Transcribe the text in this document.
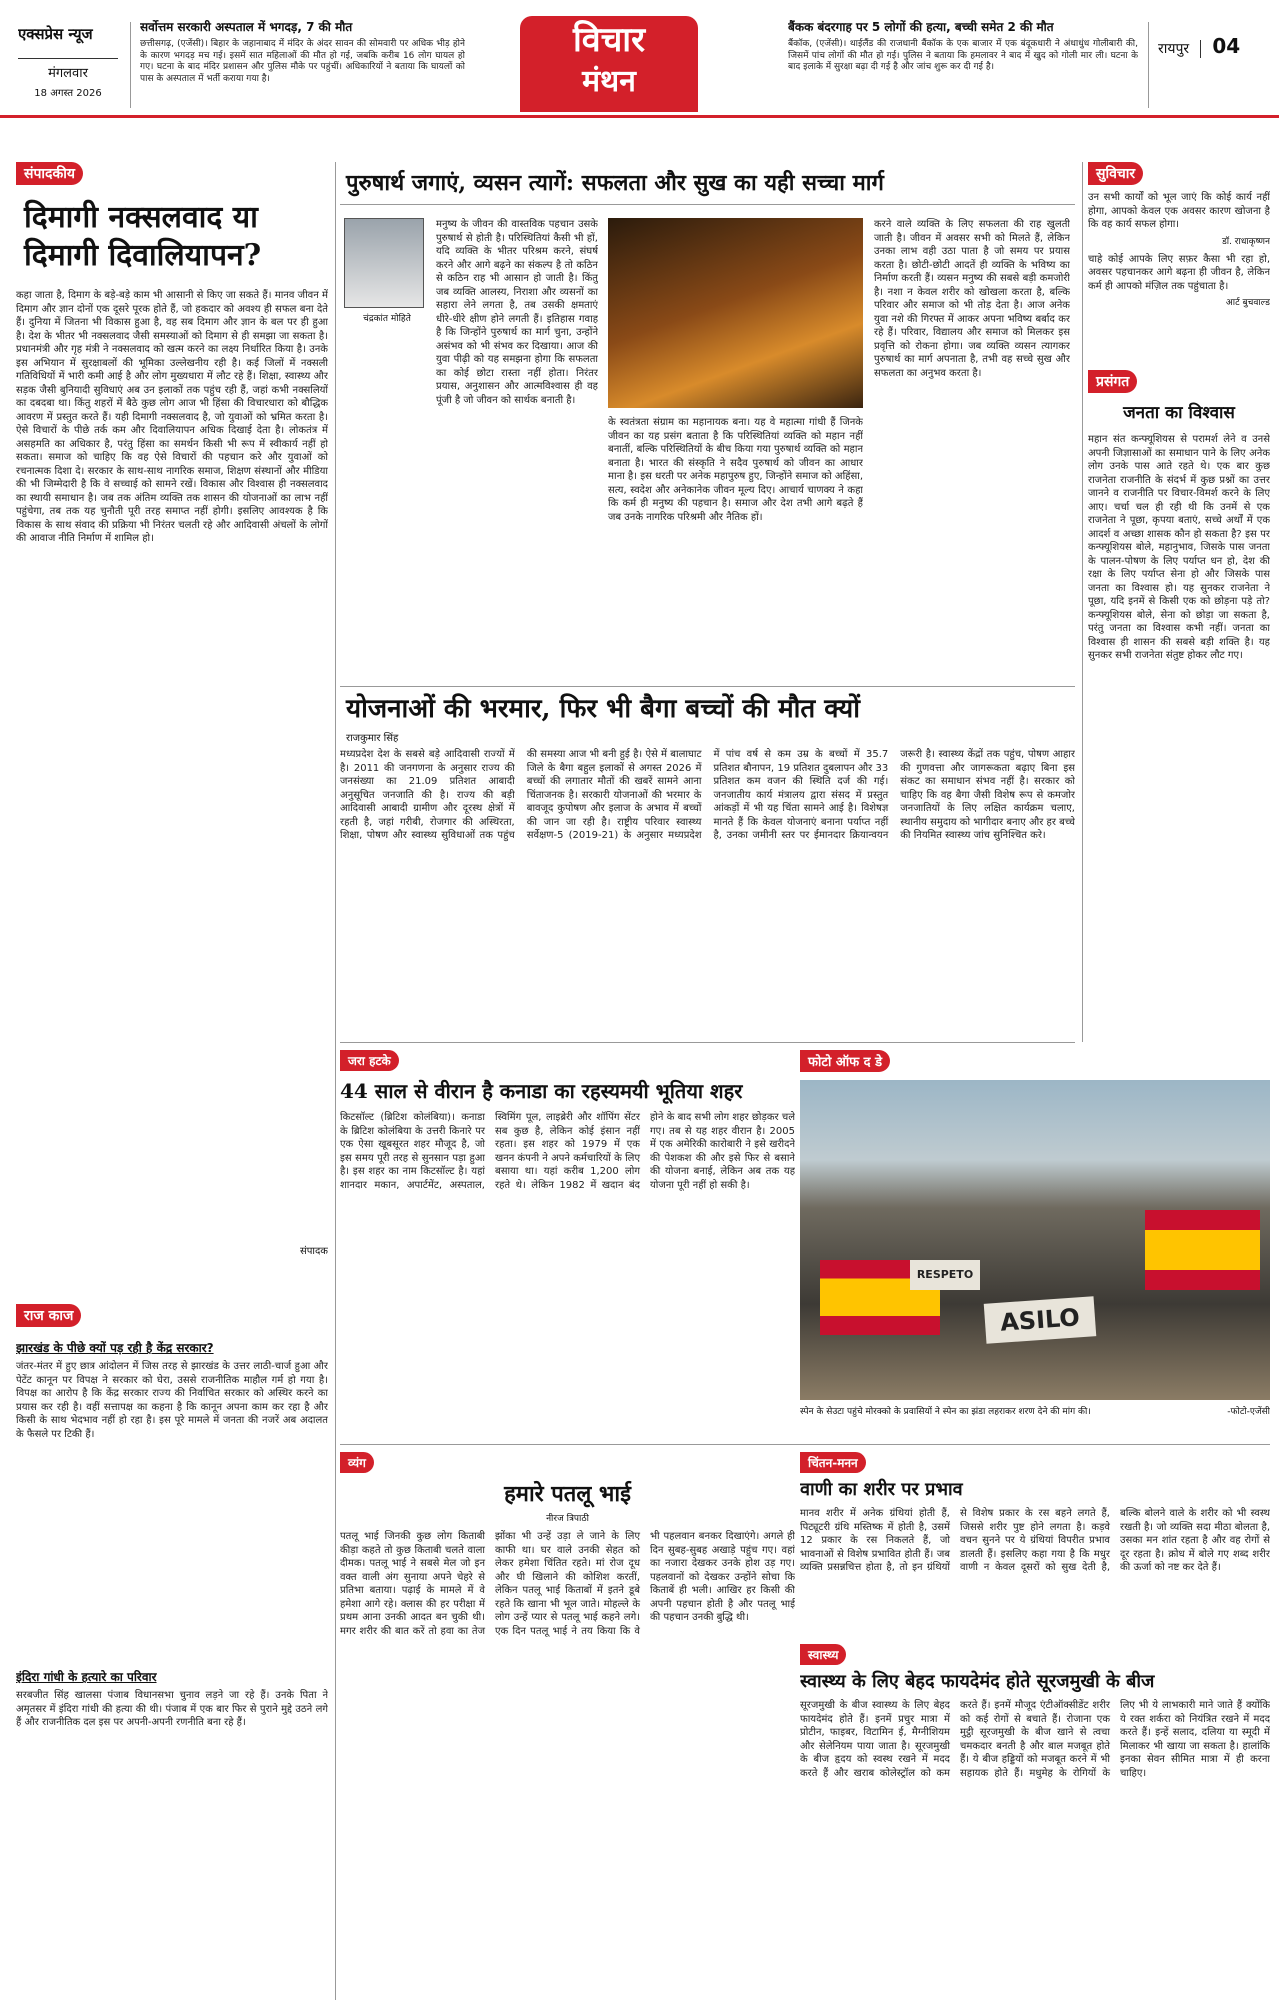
एक्सप्रेस न्यूज
मंगलवार
18 अगस्त 2026
सर्वोत्तम सरकारी अस्पताल में भगदड़, 7 की मौत
छत्तीसगढ़, (एजेंसी)। बिहार के जहानाबाद में मंदिर के अंदर सावन की सोमवारी पर अधिक भीड़ होने के कारण भगदड़ मच गई। इसमें सात महिलाओं की मौत हो गई, जबकि करीब 16 लोग घायल हो गए। घटना के बाद मंदिर प्रशासन और पुलिस मौके पर पहुंचीं। अधिकारियों ने बताया कि घायलों को पास के अस्पताल में भर्ती कराया गया है।
विचार
मंथन
बैंकक बंदरगाह पर 5 लोगों की हत्या, बच्ची समेत 2 की मौत
बैंकॉक, (एजेंसी)। थाईलैंड की राजधानी बैंकॉक के एक बाजार में एक बंदूकधारी ने अंधाधुंध गोलीबारी की, जिसमें पांच लोगों की मौत हो गई। पुलिस ने बताया कि हमलावर ने बाद में खुद को गोली मार ली। घटना के बाद इलाके में सुरक्षा बढ़ा दी गई है और जांच शुरू कर दी गई है।
रायपुर 04
संपादकीय
दिमागी नक्सलवाद या दिमागी दिवालियापन?
कहा जाता है, दिमाग के बड़े-बड़े काम भी आसानी से किए जा सकते हैं। मानव जीवन में दिमाग और ज्ञान दोनों एक दूसरे पूरक होते हैं, जो हकदार को अवश्य ही सफल बना देते हैं। दुनिया में जितना भी विकास हुआ है, वह सब दिमाग और ज्ञान के बल पर ही हुआ है। देश के भीतर भी नक्सलवाद जैसी समस्याओं को दिमाग से ही समझा जा सकता है। प्रधानमंत्री और गृह मंत्री ने नक्सलवाद को खत्म करने का लक्ष्य निर्धारित किया है। उनके इस अभियान में सुरक्षाबलों की भूमिका उल्लेखनीय रही है। कई जिलों में नक्सली गतिविधियों में भारी कमी आई है और लोग मुख्यधारा में लौट रहे हैं। शिक्षा, स्वास्थ्य और सड़क जैसी बुनियादी सुविधाएं अब उन इलाकों तक पहुंच रही हैं, जहां कभी नक्सलियों का दबदबा था। किंतु शहरों में बैठे कुछ लोग आज भी हिंसा की विचारधारा को बौद्धिक आवरण में प्रस्तुत करते हैं। यही दिमागी नक्सलवाद है, जो युवाओं को भ्रमित करता है। ऐसे विचारों के पीछे तर्क कम और दिवालियापन अधिक दिखाई देता है। लोकतंत्र में असहमति का अधिकार है, परंतु हिंसा का समर्थन किसी भी रूप में स्वीकार्य नहीं हो सकता। समाज को चाहिए कि वह ऐसे विचारों की पहचान करे और युवाओं को रचनात्मक दिशा दे। सरकार के साथ-साथ नागरिक समाज, शिक्षण संस्थानों और मीडिया की भी जिम्मेदारी है कि वे सच्चाई को सामने रखें। विकास और विश्वास ही नक्सलवाद का स्थायी समाधान है। जब तक अंतिम व्यक्ति तक शासन की योजनाओं का लाभ नहीं पहुंचेगा, तब तक यह चुनौती पूरी तरह समाप्त नहीं होगी। इसलिए आवश्यक है कि विकास के साथ संवाद की प्रक्रिया भी निरंतर चलती रहे और आदिवासी अंचलों के लोगों की आवाज नीति निर्माण में शामिल हो।
संपादक
राज काज
झारखंड के पीछे क्यों पड़ रही है केंद्र सरकार?
जंतर-मंतर में हुए छात्र आंदोलन में जिस तरह से झारखंड के उत्तर लाठी-चार्ज हुआ और पेटेंट कानून पर विपक्ष ने सरकार को घेरा, उससे राजनीतिक माहौल गर्म हो गया है। विपक्ष का आरोप है कि केंद्र सरकार राज्य की निर्वाचित सरकार को अस्थिर करने का प्रयास कर रही है। वहीं सत्तापक्ष का कहना है कि कानून अपना काम कर रहा है और किसी के साथ भेदभाव नहीं हो रहा है। इस पूरे मामले में जनता की नजरें अब अदालत के फैसले पर टिकी हैं।
इंदिरा गांधी के हत्यारे का परिवार
सरबजीत सिंह खालसा पंजाब विधानसभा चुनाव लड़ने जा रहे हैं। उनके पिता ने अमृतसर में इंदिरा गांधी की हत्या की थी। पंजाब में एक बार फिर से पुराने मुद्दे उठने लगे हैं और राजनीतिक दल इस पर अपनी-अपनी रणनीति बना रहे हैं।
पुरुषार्थ जगाएं, व्यसन त्यागें: सफलता और सुख का यही सच्चा मार्ग
चंद्रकांत मोहिते
मनुष्य के जीवन की वास्तविक पहचान उसके पुरुषार्थ से होती है। परिस्थितियां कैसी भी हों, यदि व्यक्ति के भीतर परिश्रम करने, संघर्ष करने और आगे बढ़ने का संकल्प है तो कठिन से कठिन राह भी आसान हो जाती है। किंतु जब व्यक्ति आलस्य, निराशा और व्यसनों का सहारा लेने लगता है, तब उसकी क्षमताएं धीरे-धीरे क्षीण होने लगती हैं। इतिहास गवाह है कि जिन्होंने पुरुषार्थ का मार्ग चुना, उन्होंने असंभव को भी संभव कर दिखाया। आज की युवा पीढ़ी को यह समझना होगा कि सफलता का कोई छोटा रास्ता नहीं होता। निरंतर प्रयास, अनुशासन और आत्मविश्वास ही वह पूंजी है जो जीवन को सार्थक बनाती है।
के स्वतंत्रता संग्राम का महानायक बना। यह वे महात्मा गांधी हैं जिनके जीवन का यह प्रसंग बताता है कि परिस्थितियां व्यक्ति को महान नहीं बनातीं, बल्कि परिस्थितियों के बीच किया गया पुरुषार्थ व्यक्ति को महान बनाता है। भारत की संस्कृति ने सदैव पुरुषार्थ को जीवन का आधार माना है। इस धरती पर अनेक महापुरुष हुए, जिन्होंने समाज को अहिंसा, सत्य, स्वदेश और अनेकानेक जीवन मूल्य दिए। आचार्य चाणक्य ने कहा कि कर्म ही मनुष्य की पहचान है। समाज और देश तभी आगे बढ़ते हैं जब उनके नागरिक परिश्रमी और नैतिक हों।
करने वाले व्यक्ति के लिए सफलता की राह खुलती जाती है। जीवन में अवसर सभी को मिलते हैं, लेकिन उनका लाभ वही उठा पाता है जो समय पर प्रयास करता है। छोटी-छोटी आदतें ही व्यक्ति के भविष्य का निर्माण करती हैं। व्यसन मनुष्य की सबसे बड़ी कमजोरी है। नशा न केवल शरीर को खोखला करता है, बल्कि परिवार और समाज को भी तोड़ देता है। आज अनेक युवा नशे की गिरफ्त में आकर अपना भविष्य बर्बाद कर रहे हैं। परिवार, विद्यालय और समाज को मिलकर इस प्रवृत्ति को रोकना होगा। जब व्यक्ति व्यसन त्यागकर पुरुषार्थ का मार्ग अपनाता है, तभी वह सच्चे सुख और सफलता का अनुभव करता है।
योजनाओं की भरमार, फिर भी बैगा बच्चों की मौत क्यों
राजकुमार सिंह
मध्यप्रदेश देश के सबसे बड़े आदिवासी राज्यों में है। 2011 की जनगणना के अनुसार राज्य की जनसंख्या का 21.09 प्रतिशत आबादी अनुसूचित जनजाति की है। राज्य की बड़ी आदिवासी आबादी ग्रामीण और दूरस्थ क्षेत्रों में रहती है, जहां गरीबी, रोजगार की अस्थिरता, शिक्षा, पोषण और स्वास्थ्य सुविधाओं तक पहुंच की समस्या आज भी बनी हुई है। ऐसे में बालाघाट जिले के बैगा बहुल इलाकों से अगस्त 2026 में बच्चों की लगातार मौतों की खबरें सामने आना चिंताजनक है। सरकारी योजनाओं की भरमार के बावजूद कुपोषण और इलाज के अभाव में बच्चों की जान जा रही है। राष्ट्रीय परिवार स्वास्थ्य सर्वेक्षण-5 (2019-21) के अनुसार मध्यप्रदेश में पांच वर्ष से कम उम्र के बच्चों में 35.7 प्रतिशत बौनापन, 19 प्रतिशत दुबलापन और 33 प्रतिशत कम वजन की स्थिति दर्ज की गई। जनजातीय कार्य मंत्रालय द्वारा संसद में प्रस्तुत आंकड़ों में भी यह चिंता सामने आई है। विशेषज्ञ मानते हैं कि केवल योजनाएं बनाना पर्याप्त नहीं है, उनका जमीनी स्तर पर ईमानदार क्रियान्वयन जरूरी है। स्वास्थ्य केंद्रों तक पहुंच, पोषण आहार की गुणवत्ता और जागरूकता बढ़ाए बिना इस संकट का समाधान संभव नहीं है। सरकार को चाहिए कि वह बैगा जैसी विशेष रूप से कमजोर जनजातियों के लिए लक्षित कार्यक्रम चलाए, स्थानीय समुदाय को भागीदार बनाए और हर बच्चे की नियमित स्वास्थ्य जांच सुनिश्चित करे।
जरा हटके
44 साल से वीरान है कनाडा का रहस्यमयी भूतिया शहर
किटसॉल्ट (ब्रिटिश कोलंबिया)। कनाडा के ब्रिटिश कोलंबिया के उत्तरी किनारे पर एक ऐसा खूबसूरत शहर मौजूद है, जो इस समय पूरी तरह से सुनसान पड़ा हुआ है। इस शहर का नाम किटसॉल्ट है। यहां शानदार मकान, अपार्टमेंट, अस्पताल, स्विमिंग पूल, लाइब्रेरी और शॉपिंग सेंटर सब कुछ है, लेकिन कोई इंसान नहीं रहता। इस शहर को 1979 में एक खनन कंपनी ने अपने कर्मचारियों के लिए बसाया था। यहां करीब 1,200 लोग रहते थे। लेकिन 1982 में खदान बंद होने के बाद सभी लोग शहर छोड़कर चले गए। तब से यह शहर वीरान है। 2005 में एक अमेरिकी कारोबारी ने इसे खरीदने की पेशकश की और इसे फिर से बसाने की योजना बनाई, लेकिन अब तक यह योजना पूरी नहीं हो सकी है।
फोटो ऑफ द डे
ASILO
RESPETO
स्पेन के सेउटा पहुंचे मोरक्को के प्रवासियों ने स्पेन का झंडा लहराकर शरण देने की मांग की।	-फोटो-एजेंसी
व्यंग
हमारे पतलू भाई
नीरज त्रिपाठी
पतलू भाई जिनकी कुछ लोग किताबी कीड़ा कहते तो कुछ किताबी चलते वाला दीमक। पतलू भाई ने सबसे मेल जो इन वक्त वाली अंग सुनाया अपने चेहरे से प्रतिभा बताया। पढ़ाई के मामले में वे हमेशा आगे रहे। क्लास की हर परीक्षा में प्रथम आना उनकी आदत बन चुकी थी। मगर शरीर की बात करें तो हवा का तेज झोंका भी उन्हें उड़ा ले जाने के लिए काफी था। घर वाले उनकी सेहत को लेकर हमेशा चिंतित रहते। मां रोज दूध और घी खिलाने की कोशिश करतीं, लेकिन पतलू भाई किताबों में इतने डूबे रहते कि खाना भी भूल जाते। मोहल्ले के लोग उन्हें प्यार से पतलू भाई कहने लगे। एक दिन पतलू भाई ने तय किया कि वे भी पहलवान बनकर दिखाएंगे। अगले ही दिन सुबह-सुबह अखाड़े पहुंच गए। वहां का नजारा देखकर उनके होश उड़ गए। पहलवानों को देखकर उन्होंने सोचा कि किताबें ही भली। आखिर हर किसी की अपनी पहचान होती है और पतलू भाई की पहचान उनकी बुद्धि थी।
चिंतन-मनन
वाणी का शरीर पर प्रभाव
मानव शरीर में अनेक ग्रंथियां होती हैं, पिट्यूटरी ग्रंथि मस्तिष्क में होती है, उसमें 12 प्रकार के रस निकलते हैं, जो भावनाओं से विशेष प्रभावित होती हैं। जब व्यक्ति प्रसन्नचित्त होता है, तो इन ग्रंथियों से विशेष प्रकार के रस बहने लगते हैं, जिससे शरीर पुष्ट होने लगता है। कड़वे वचन सुनने पर ये ग्रंथियां विपरीत प्रभाव डालती हैं। इसलिए कहा गया है कि मधुर वाणी न केवल दूसरों को सुख देती है, बल्कि बोलने वाले के शरीर को भी स्वस्थ रखती है। जो व्यक्ति सदा मीठा बोलता है, उसका मन शांत रहता है और वह रोगों से दूर रहता है। क्रोध में बोले गए शब्द शरीर की ऊर्जा को नष्ट कर देते हैं।
स्वास्थ्य
स्वास्थ्य के लिए बेहद फायदेमंद होते सूरजमुखी के बीज
सूरजमुखी के बीज स्वास्थ्य के लिए बेहद फायदेमंद होते हैं। इनमें प्रचुर मात्रा में प्रोटीन, फाइबर, विटामिन ई, मैग्नीशियम और सेलेनियम पाया जाता है। सूरजमुखी के बीज हृदय को स्वस्थ रखने में मदद करते हैं और खराब कोलेस्ट्रॉल को कम करते हैं। इनमें मौजूद एंटीऑक्सीडेंट शरीर को कई रोगों से बचाते हैं। रोजाना एक मुट्ठी सूरजमुखी के बीज खाने से त्वचा चमकदार बनती है और बाल मजबूत होते हैं। ये बीज हड्डियों को मजबूत करने में भी सहायक होते हैं। मधुमेह के रोगियों के लिए भी ये लाभकारी माने जाते हैं क्योंकि ये रक्त शर्करा को नियंत्रित रखने में मदद करते हैं। इन्हें सलाद, दलिया या स्मूदी में मिलाकर भी खाया जा सकता है। हालांकि इनका सेवन सीमित मात्रा में ही करना चाहिए।
सुविचार
उन सभी कार्यों को भूल जाएं कि कोई कार्य नहीं होगा, आपको केवल एक अवसर कारण खोजना है कि वह कार्य सफल होगा।
डॉ. राधाकृष्णन
चाहे कोई आपके लिए सफ़र कैसा भी रहा हो, अवसर पहचानकर आगे बढ़ना ही जीवन है, लेकिन कर्म ही आपको मंज़िल तक पहुंचाता है।
आर्ट बुचवाल्ड
प्रसंगत
जनता का विश्वास
महान संत कन्फ्यूशियस से परामर्श लेने व उनसे अपनी जिज्ञासाओं का समाधान पाने के लिए अनेक लोग उनके पास आते रहते थे। एक बार कुछ राजनेता राजनीति के संदर्भ में कुछ प्रश्नों का उत्तर जानने व राजनीति पर विचार-विमर्श करने के लिए आए। चर्चा चल ही रही थी कि उनमें से एक राजनेता ने पूछा, कृपया बताएं, सच्चे अर्थों में एक आदर्श व अच्छा शासक कौन हो सकता है? इस पर कन्फ्यूशियस बोले, महानुभाव, जिसके पास जनता के पालन-पोषण के लिए पर्याप्त धन हो, देश की रक्षा के लिए पर्याप्त सेना हो और जिसके पास जनता का विश्वास हो। यह सुनकर राजनेता ने पूछा, यदि इनमें से किसी एक को छोड़ना पड़े तो? कन्फ्यूशियस बोले, सेना को छोड़ा जा सकता है, परंतु जनता का विश्वास कभी नहीं। जनता का विश्वास ही शासन की सबसे बड़ी शक्ति है। यह सुनकर सभी राजनेता संतुष्ट होकर लौट गए।
